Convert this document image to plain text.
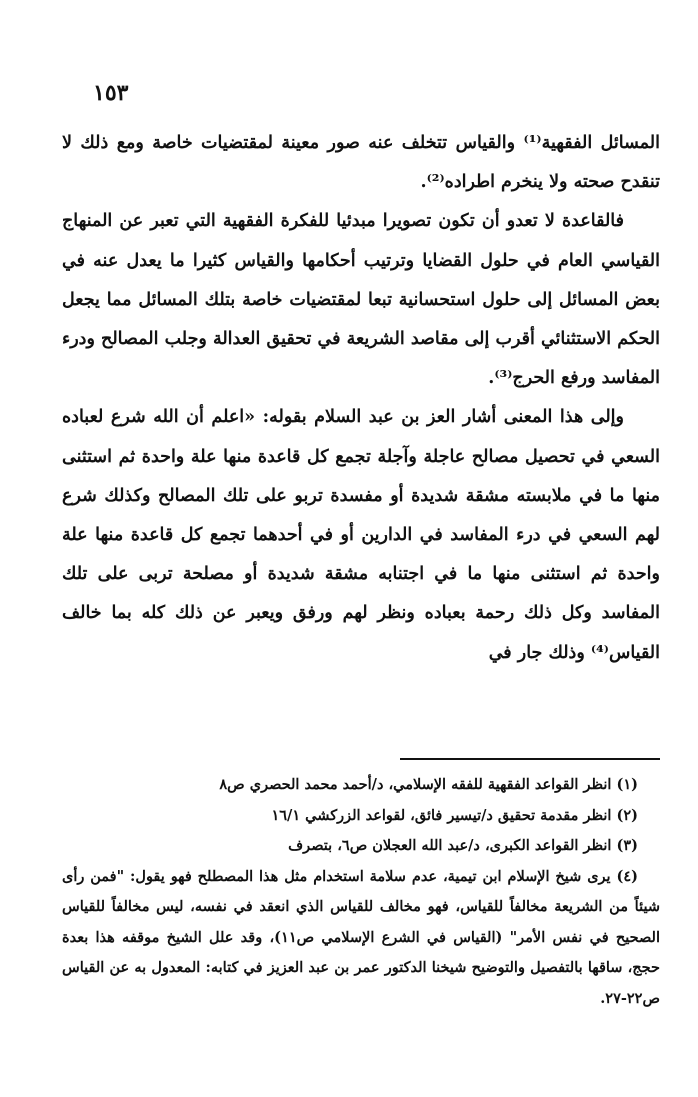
١٥٣

المسائل الفقهية⁽¹⁾ والقياس تتخلف عنه صور معينة لمقتضيات خاصة ومع ذلك لا تنقدح صحته ولا ينخرم اطراده⁽²⁾.

فالقاعدة لا تعدو أن تكون تصويرا مبدئيا للفكرة الفقهية التي تعبر عن المنهاج القياسي العام في حلول القضايا وترتيب أحكامها والقياس كثيرا ما يعدل عنه في بعض المسائل إلى حلول استحسانية تبعا لمقتضيات خاصة بتلك المسائل مما يجعل الحكم الاستثنائي أقرب إلى مقاصد الشريعة في تحقيق العدالة وجلب المصالح ودرء المفاسد ورفع الحرج⁽³⁾.

وإلى هذا المعنى أشار العز بن عبد السلام بقوله: «اعلم أن الله شرع لعباده السعي في تحصيل مصالح عاجلة وآجلة تجمع كل قاعدة منها علة واحدة ثم استثنى منها ما في ملابسته مشقة شديدة أو مفسدة تربو على تلك المصالح وكذلك شرع لهم السعي في درء المفاسد في الدارين أو في أحدهما تجمع كل قاعدة منها علة واحدة ثم استثنى منها ما في اجتنابه مشقة شديدة أو مصلحة تربى على تلك المفاسد وكل ذلك رحمة بعباده ونظر لهم ورفق ويعبر عن ذلك كله بما خالف القياس⁽⁴⁾ وذلك جار في

(١) انظر القواعد الفقهية للفقه الإسلامي، د/أحمد محمد الحصري ص٨

(٢) انظر مقدمة تحقيق د/تيسير فائق، لقواعد الزركشي ١٦/١

(٣) انظر القواعد الكبرى، د/عبد الله العجلان ص٦، بتصرف

(٤) يرى شيخ الإسلام ابن تيمية، عدم سلامة استخدام مثل هذا المصطلح فهو يقول: "فمن رأى شيئاً من الشريعة مخالفاً للقياس، فهو مخالف للقياس الذي انعقد في نفسه، ليس مخالفاً للقياس الصحيح في نفس الأمر" (القياس في الشرع الإسلامي ص١١)، وقد علل الشيخ موقفه هذا بعدة حجج، ساقها بالتفصيل والتوضيح شيخنا الدكتور عمر بن عبد العزيز في كتابه: المعدول به عن القياس ص٢٢-٢٧.
